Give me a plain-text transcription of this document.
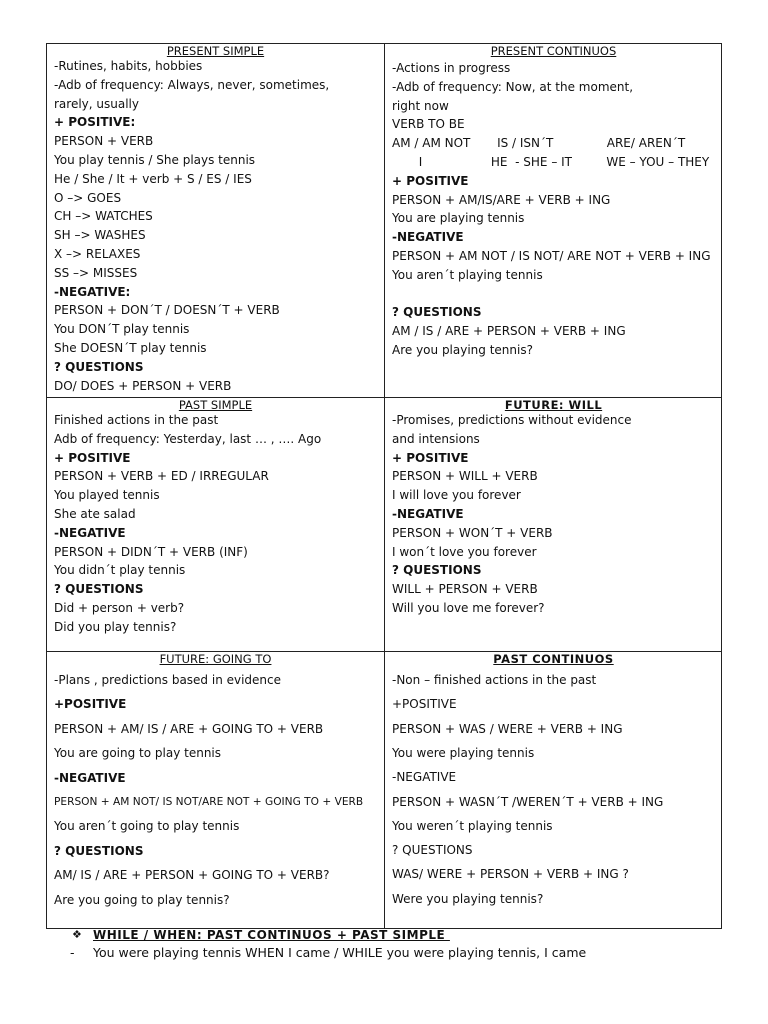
PRESENT SIMPLE
-Rutines, habits, hobbies
-Adb of frequency: Always, never, sometimes,
rarely, usually
+ POSITIVE:
PERSON + VERB
You play tennis / She plays tennis
He / She / It + verb + S / ES / IES
O –> GOES
CH –> WATCHES
SH –> WASHES
X –> RELAXES
SS –> MISSES
-NEGATIVE:
PERSON + DON´T / DOESN´T + VERB
You DON´T play tennis
She DOESN´T play tennis
? QUESTIONS
DO/ DOES + PERSON + VERB
PRESENT CONTINUOS
-Actions in progress
-Adb of frequency: Now, at the moment,
right now
VERB TO BE
AM / AM NOT       IS / ISN´T              ARE/ AREN´T
I                  HE  - SHE – IT         WE – YOU – THEY
+ POSITIVE
PERSON + AM/IS/ARE + VERB + ING
You are playing tennis
-NEGATIVE
PERSON + AM NOT / IS NOT/ ARE NOT + VERB + ING
You aren´t playing tennis
? QUESTIONS
AM / IS / ARE + PERSON + VERB + ING
Are you playing tennis?
PAST SIMPLE
Finished actions in the past
Adb of frequency: Yesterday, last … , …. Ago
+ POSITIVE
PERSON + VERB + ED / IRREGULAR
You played tennis
She ate salad
-NEGATIVE
PERSON + DIDN´T + VERB (INF)
You didn´t play tennis
? QUESTIONS
Did + person + verb?
Did you play tennis?
FUTURE: WILL
-Promises, predictions without evidence
and intensions
+ POSITIVE
PERSON + WILL + VERB
I will love you forever
-NEGATIVE
PERSON + WON´T + VERB
I won´t love you forever
? QUESTIONS
WILL + PERSON + VERB
Will you love me forever?
FUTURE: GOING TO
-Plans , predictions based in evidence
+POSITIVE
PERSON + AM/ IS / ARE + GOING TO + VERB
You are going to play tennis
-NEGATIVE
PERSON + AM NOT/ IS NOT/ARE NOT + GOING TO + VERB
You aren´t going to play tennis
? QUESTIONS
AM/ IS / ARE + PERSON + GOING TO + VERB?
Are you going to play tennis?
PAST CONTINUOS
-Non – finished actions in the past
+POSITIVE
PERSON + WAS / WERE + VERB + ING
You were playing tennis
-NEGATIVE
PERSON + WASN´T /WEREN´T + VERB + ING
You weren´t playing tennis
? QUESTIONS
WAS/ WERE + PERSON + VERB + ING ?
Were you playing tennis?
❖ WHILE / WHEN: PAST CONTINUOS + PAST SIMPLE
- You were playing tennis WHEN I came / WHILE you were playing tennis, I came
